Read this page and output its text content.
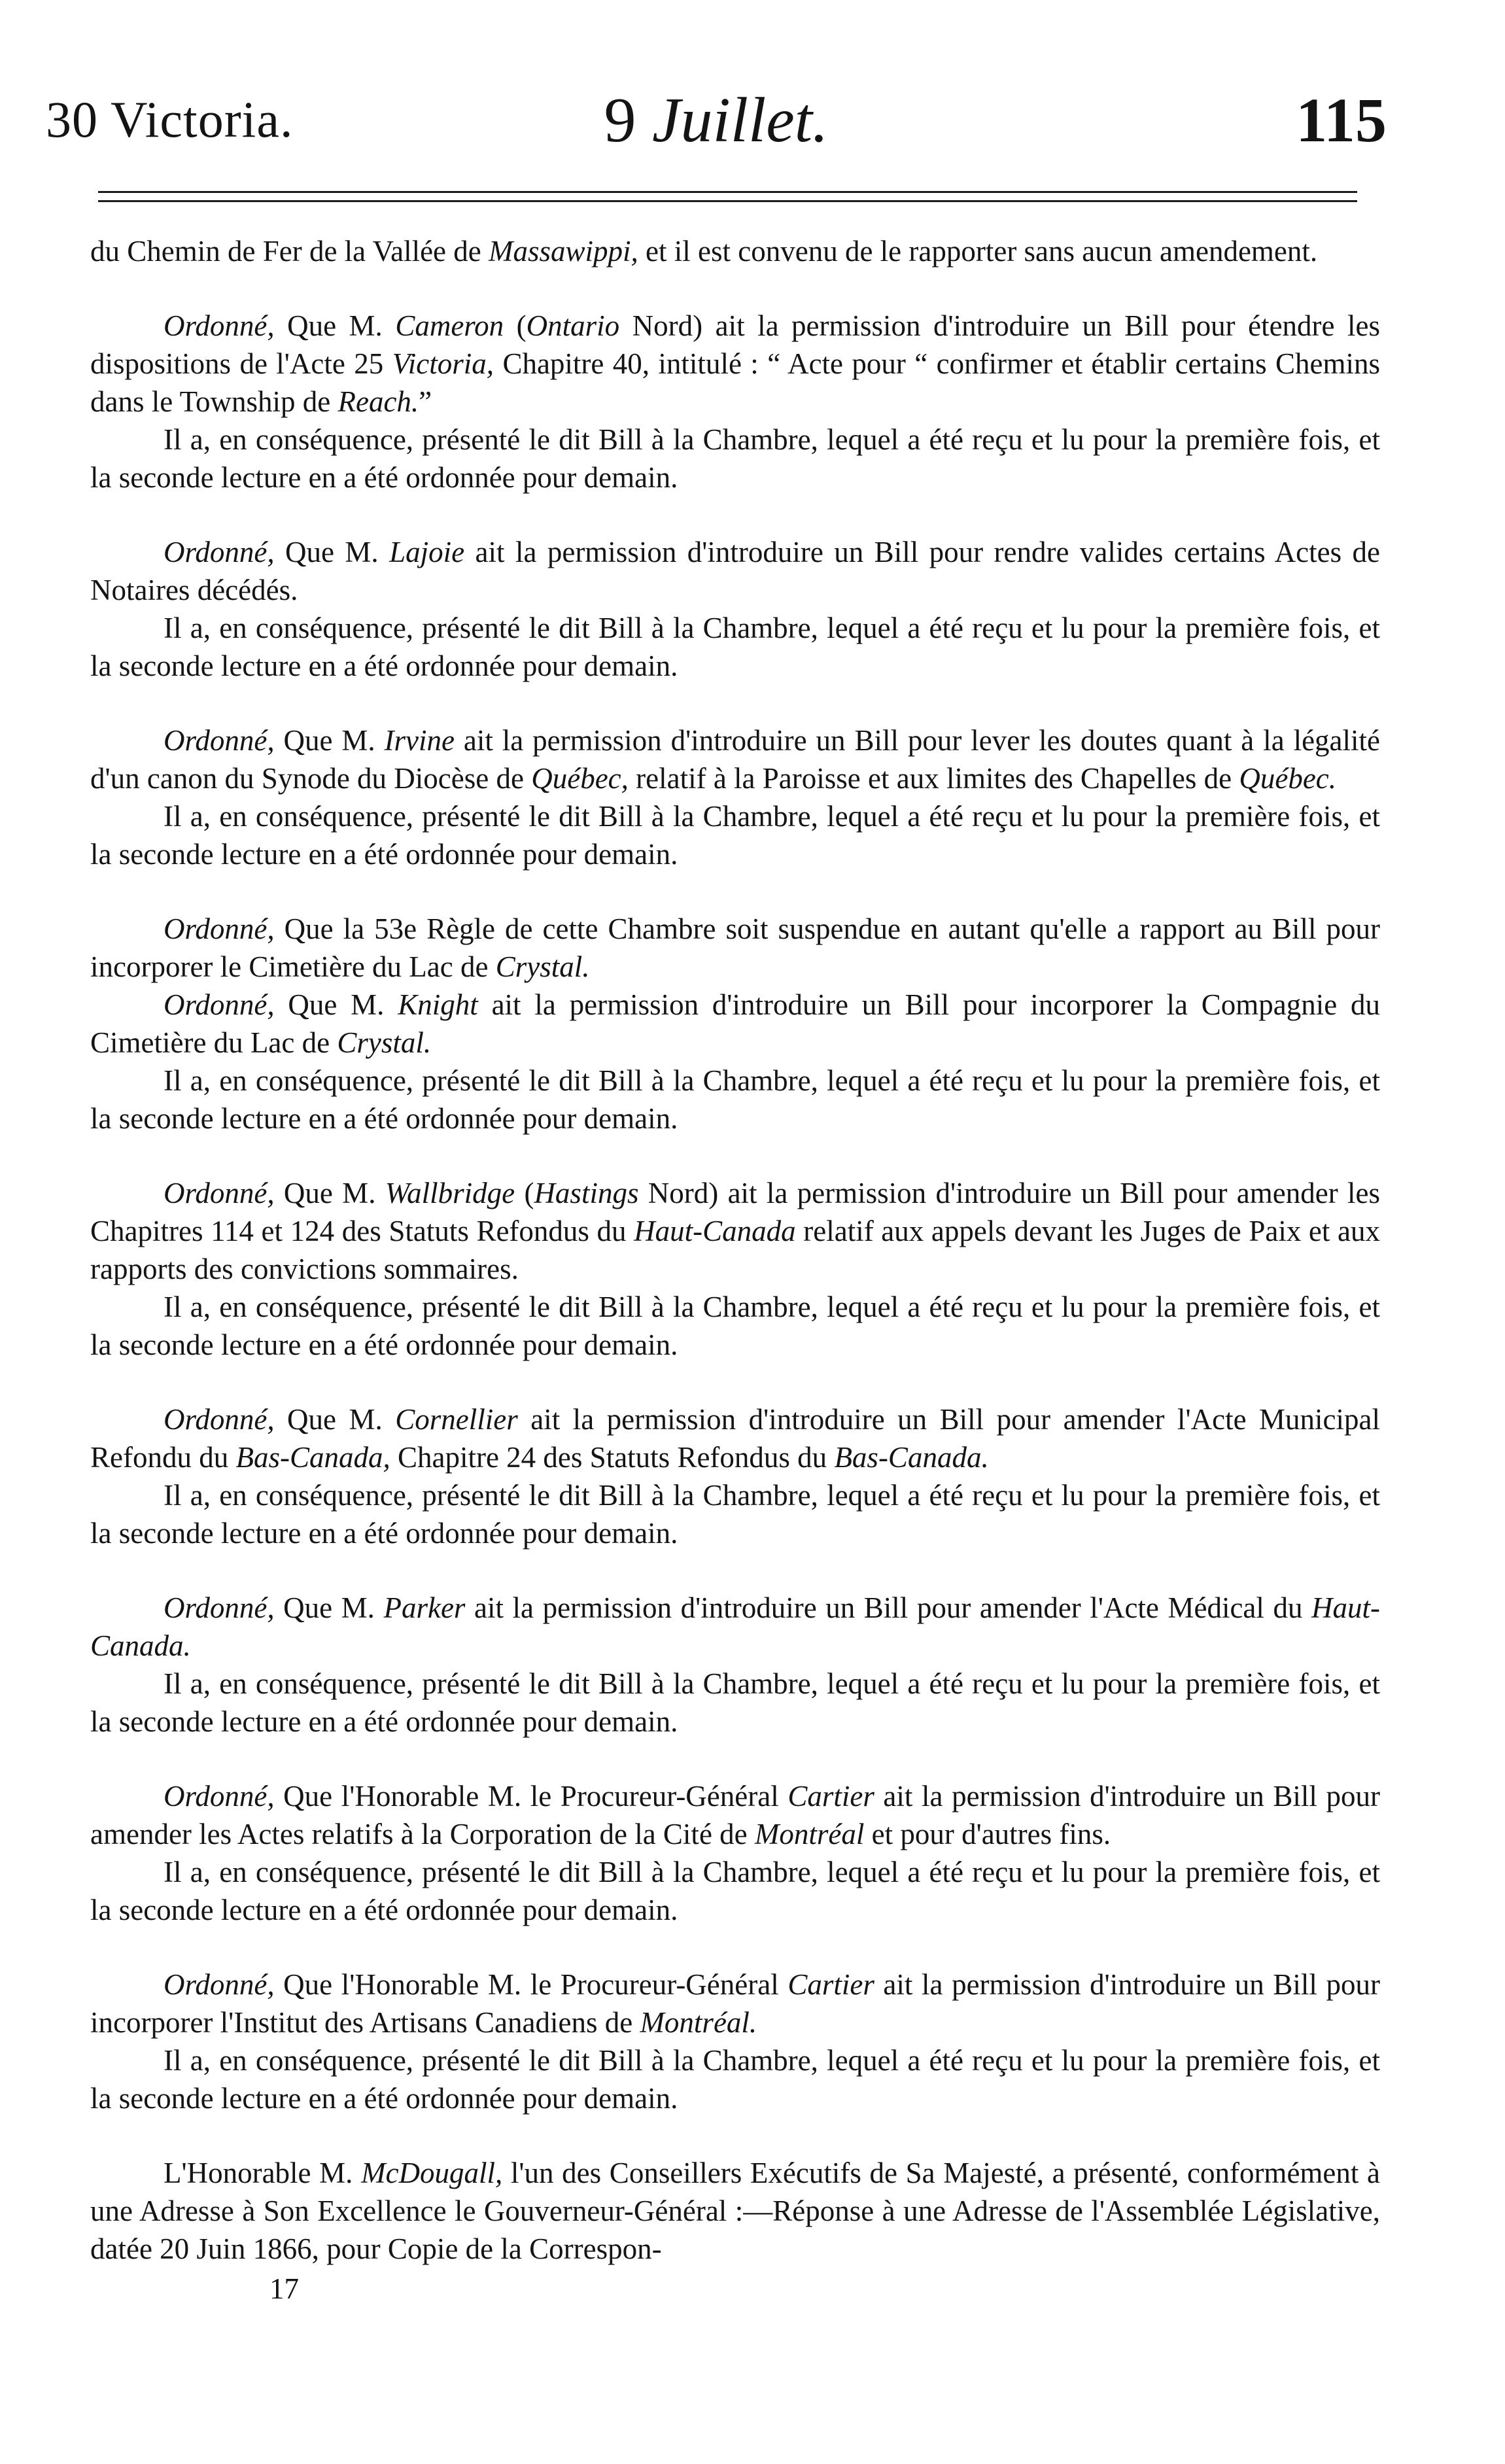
30 Victoria.	9 Juillet.	115

du Chemin de Fer de la Vallée de Massawippi, et il est convenu de le rapporter sans aucun amendement.

Ordonné, Que M. Cameron (Ontario Nord) ait la permission d'introduire un Bill pour étendre les dispositions de l'Acte 25 Victoria, Chapitre 40, intitulé : “ Acte pour “ confirmer et établir certains Chemins dans le Township de Reach.”

Il a, en conséquence, présenté le dit Bill à la Chambre, lequel a été reçu et lu pour la première fois, et la seconde lecture en a été ordonnée pour demain.

Ordonné, Que M. Lajoie ait la permission d'introduire un Bill pour rendre valides certains Actes de Notaires décédés.

Il a, en conséquence, présenté le dit Bill à la Chambre, lequel a été reçu et lu pour la première fois, et la seconde lecture en a été ordonnée pour demain.

Ordonné, Que M. Irvine ait la permission d'introduire un Bill pour lever les doutes quant à la légalité d'un canon du Synode du Diocèse de Québec, relatif à la Paroisse et aux limites des Chapelles de Québec.

Il a, en conséquence, présenté le dit Bill à la Chambre, lequel a été reçu et lu pour la première fois, et la seconde lecture en a été ordonnée pour demain.

Ordonné, Que la 53e Règle de cette Chambre soit suspendue en autant qu'elle a rapport au Bill pour incorporer le Cimetière du Lac de Crystal.

Ordonné, Que M. Knight ait la permission d'introduire un Bill pour incorporer la Compagnie du Cimetière du Lac de Crystal.

Il a, en conséquence, présenté le dit Bill à la Chambre, lequel a été reçu et lu pour la première fois, et la seconde lecture en a été ordonnée pour demain.

Ordonné, Que M. Wallbridge (Hastings Nord) ait la permission d'introduire un Bill pour amender les Chapitres 114 et 124 des Statuts Refondus du Haut-Canada relatif aux appels devant les Juges de Paix et aux rapports des convictions sommaires.

Il a, en conséquence, présenté le dit Bill à la Chambre, lequel a été reçu et lu pour la première fois, et la seconde lecture en a été ordonnée pour demain.

Ordonné, Que M. Cornellier ait la permission d'introduire un Bill pour amender l'Acte Municipal Refondu du Bas-Canada, Chapitre 24 des Statuts Refondus du Bas-Canada.

Il a, en conséquence, présenté le dit Bill à la Chambre, lequel a été reçu et lu pour la première fois, et la seconde lecture en a été ordonnée pour demain.

Ordonné, Que M. Parker ait la permission d'introduire un Bill pour amender l'Acte Médical du Haut-Canada.

Il a, en conséquence, présenté le dit Bill à la Chambre, lequel a été reçu et lu pour la première fois, et la seconde lecture en a été ordonnée pour demain.

Ordonné, Que l'Honorable M. le Procureur-Général Cartier ait la permission d'introduire un Bill pour amender les Actes relatifs à la Corporation de la Cité de Montréal et pour d'autres fins.

Il a, en conséquence, présenté le dit Bill à la Chambre, lequel a été reçu et lu pour la première fois, et la seconde lecture en a été ordonnée pour demain.

Ordonné, Que l'Honorable M. le Procureur-Général Cartier ait la permission d'introduire un Bill pour incorporer l'Institut des Artisans Canadiens de Montréal.

Il a, en conséquence, présenté le dit Bill à la Chambre, lequel a été reçu et lu pour la première fois, et la seconde lecture en a été ordonnée pour demain.

L'Honorable M. McDougall, l'un des Conseillers Exécutifs de Sa Majesté, a présenté, conformément à une Adresse à Son Excellence le Gouverneur-Général :—Réponse à une Adresse de l'Assemblée Législative, datée 20 Juin 1866, pour Copie de la Correspon-

17
